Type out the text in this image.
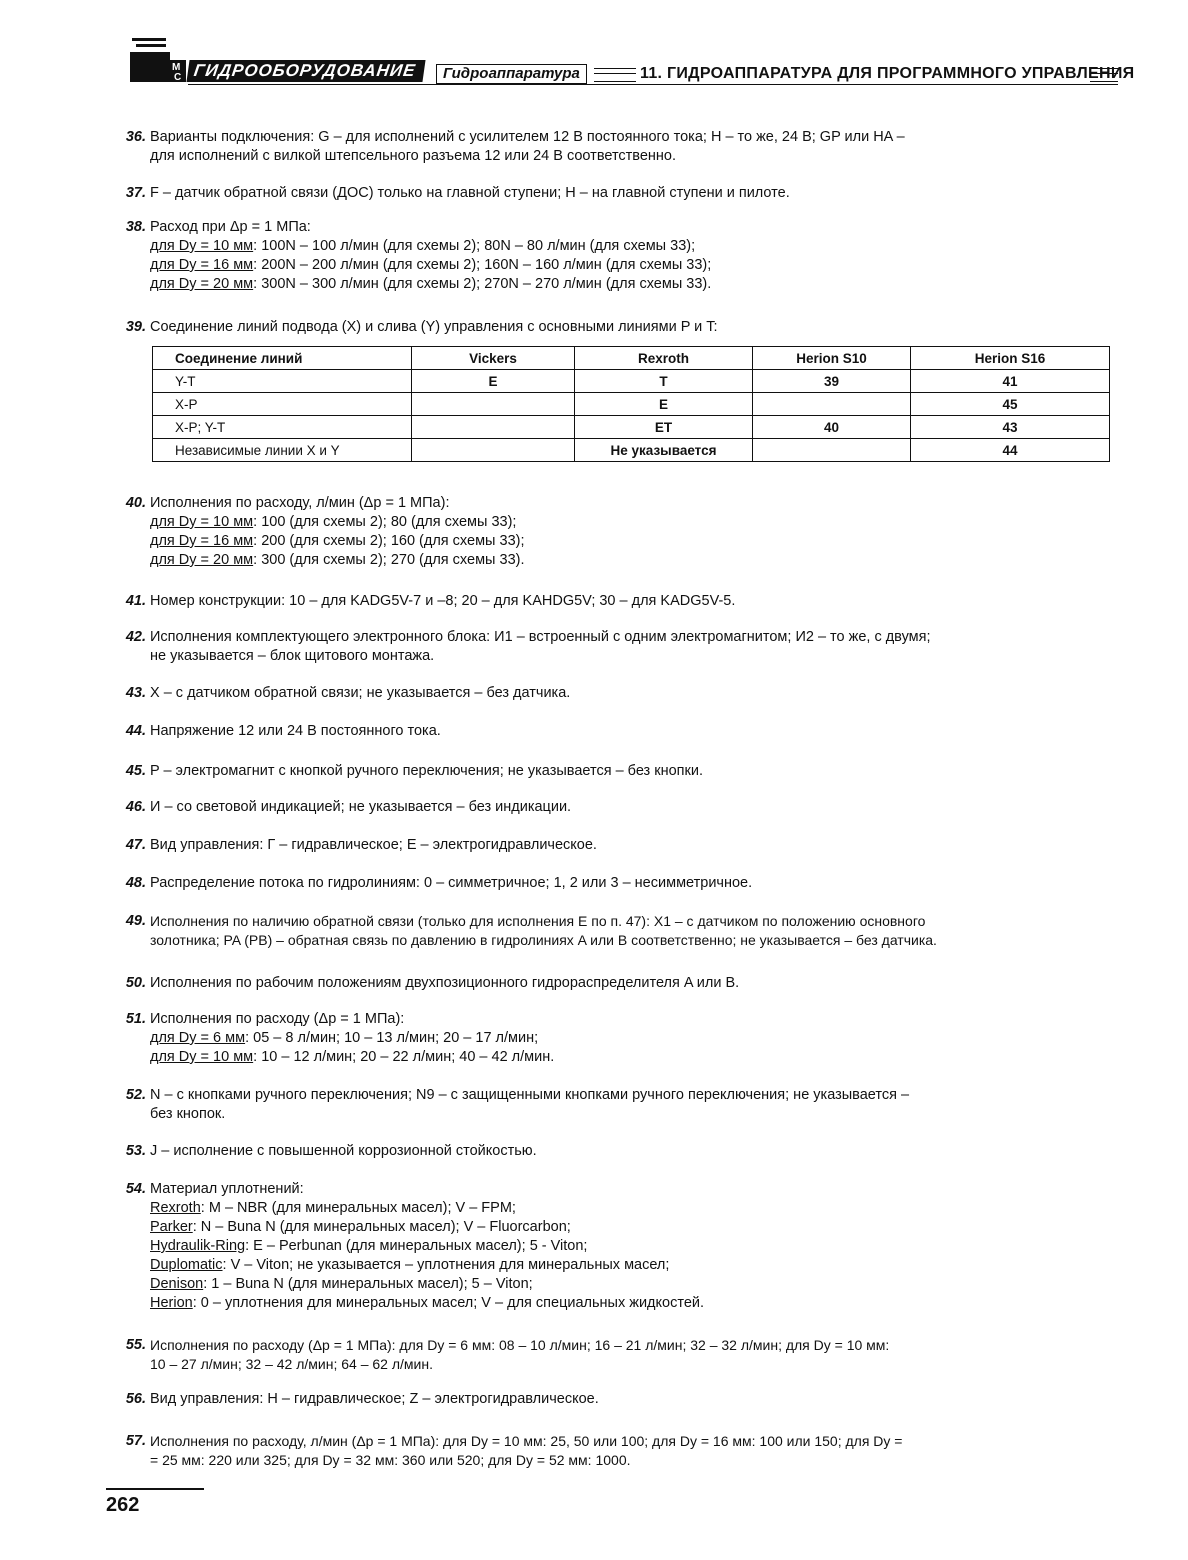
M
C ГИДРООБОРУДОВАНИЕ	Гидроаппаратура	11. ГИДРОАППАРАТУРА ДЛЯ ПРОГРАММНОГО УПРАВЛЕНИЯ
36. Варианты подключения: G – для исполнений с усилителем 12 В постоянного тока; H – то же, 24 В; GP или HA –
для исполнений с вилкой штепсельного разъема 12 или 24 В соответственно.
37. F – датчик обратной связи (ДОС) только на главной ступени; H – на главной ступени и пилоте.
38. Расход при Δp = 1 МПа:
для Dу = 10 мм: 100N – 100 л/мин (для схемы 2); 80N – 80 л/мин (для схемы 33);
для Dу = 16 мм: 200N – 200 л/мин (для схемы 2); 160N – 160 л/мин (для схемы 33);
для Dу = 20 мм: 300N – 300 л/мин (для схемы 2); 270N – 270 л/мин (для схемы 33).
39. Соединение линий подвода (X) и слива (Y) управления с основными линиями P и T:
Соединение линий	Vickers	Rexroth	Herion S10	Herion S16
Y-T	E	T	39	41
X-P		E		45
X-P; Y-T		ET	40	43
Независимые линии X и Y		Не указывается		44
40. Исполнения по расходу, л/мин (Δp = 1 МПа):
для Dу = 10 мм: 100 (для схемы 2); 80 (для схемы 33);
для Dу = 16 мм: 200 (для схемы 2); 160 (для схемы 33);
для Dу = 20 мм: 300 (для схемы 2); 270 (для схемы 33).
41. Номер конструкции: 10 – для KADG5V-7 и –8; 20 – для KAHDG5V; 30 – для KADG5V-5.
42. Исполнения комплектующего электронного блока: И1 – встроенный с одним электромагнитом; И2 – то же, с двумя;
не указывается – блок щитового монтажа.
43. X – с датчиком обратной связи; не указывается – без датчика.
44. Напряжение 12 или 24 В постоянного тока.
45. P – электромагнит с кнопкой ручного переключения; не указывается – без кнопки.
46. И – со световой индикацией; не указывается – без индикации.
47. Вид управления: Г – гидравлическое; Е – электрогидравлическое.
48. Распределение потока по гидролиниям: 0 – симметричное; 1, 2 или 3 – несимметричное.
49. Исполнения по наличию обратной связи (только для исполнения Е по п. 47): X1 – с датчиком по положению основного
золотника; PA (PB) – обратная связь по давлению в гидролиниях A или B соответственно; не указывается – без датчика.
50. Исполнения по рабочим положениям двухпозиционного гидрораспределителя A или B.
51. Исполнения по расходу (Δp = 1 МПа):
для Dу = 6 мм: 05 – 8 л/мин; 10 – 13 л/мин; 20 – 17 л/мин;
для Dу = 10 мм: 10 – 12 л/мин; 20 – 22 л/мин; 40 – 42 л/мин.
52. N – с кнопками ручного переключения; N9 – с защищенными кнопками ручного переключения; не указывается –
без кнопок.
53. J – исполнение с повышенной коррозионной стойкостью.
54. Материал уплотнений:
Rexroth: M – NBR (для минеральных масел); V – FPM;
Parker: N – Buna N (для минеральных масел); V – Fluorcarbon;
Hydraulik-Ring: E – Perbunan (для минеральных масел); 5 - Viton;
Duplomatic: V – Viton; не указывается – уплотнения для минеральных масел;
Denison: 1 – Buna N (для минеральных масел); 5 – Viton;
Herion: 0 – уплотнения для минеральных масел; V – для специальных жидкостей.
55. Исполнения по расходу (Δp = 1 МПа): для Dу = 6 мм: 08 – 10 л/мин; 16 – 21 л/мин; 32 – 32 л/мин; для Dу = 10 мм:
10 – 27 л/мин; 32 – 42 л/мин; 64 – 62 л/мин.
56. Вид управления: H – гидравлическое; Z – электрогидравлическое.
57. Исполнения по расходу, л/мин (Δp = 1 МПа): для Dу = 10 мм: 25, 50 или 100; для Dу = 16 мм: 100 или 150; для Dу =
= 25 мм: 220 или 325; для Dу = 32 мм: 360 или 520; для Dу = 52 мм: 1000.
262
